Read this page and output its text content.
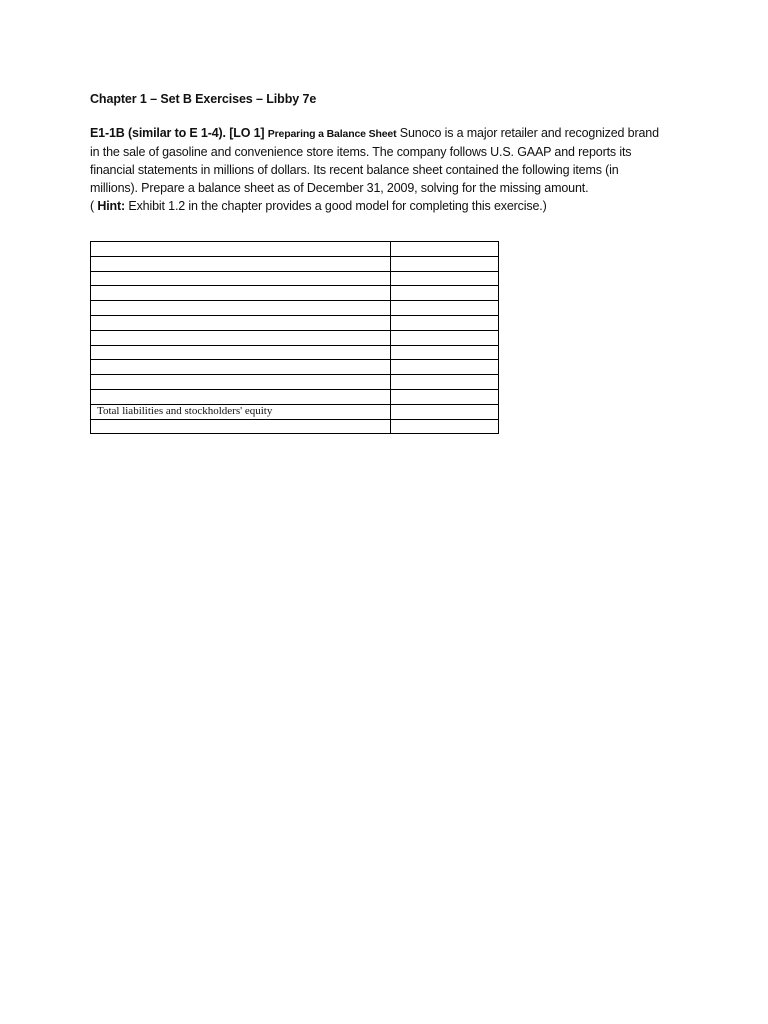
Chapter 1 – Set B Exercises – Libby 7e
E1-1B (similar to E 1-4). [LO 1] Preparing a Balance Sheet Sunoco is a major retailer and recognized brand
in the sale of gasoline and convenience store items. The company follows U.S. GAAP and reports its
financial statements in millions of dollars. Its recent balance sheet contained the following items (in
millions). Prepare a balance sheet as of December 31, 2009, solving for the missing amount.
( Hint: Exhibit 1.2 in the chapter provides a good model for completing this exercise.)

Total liabilities and stockholders' equity	
